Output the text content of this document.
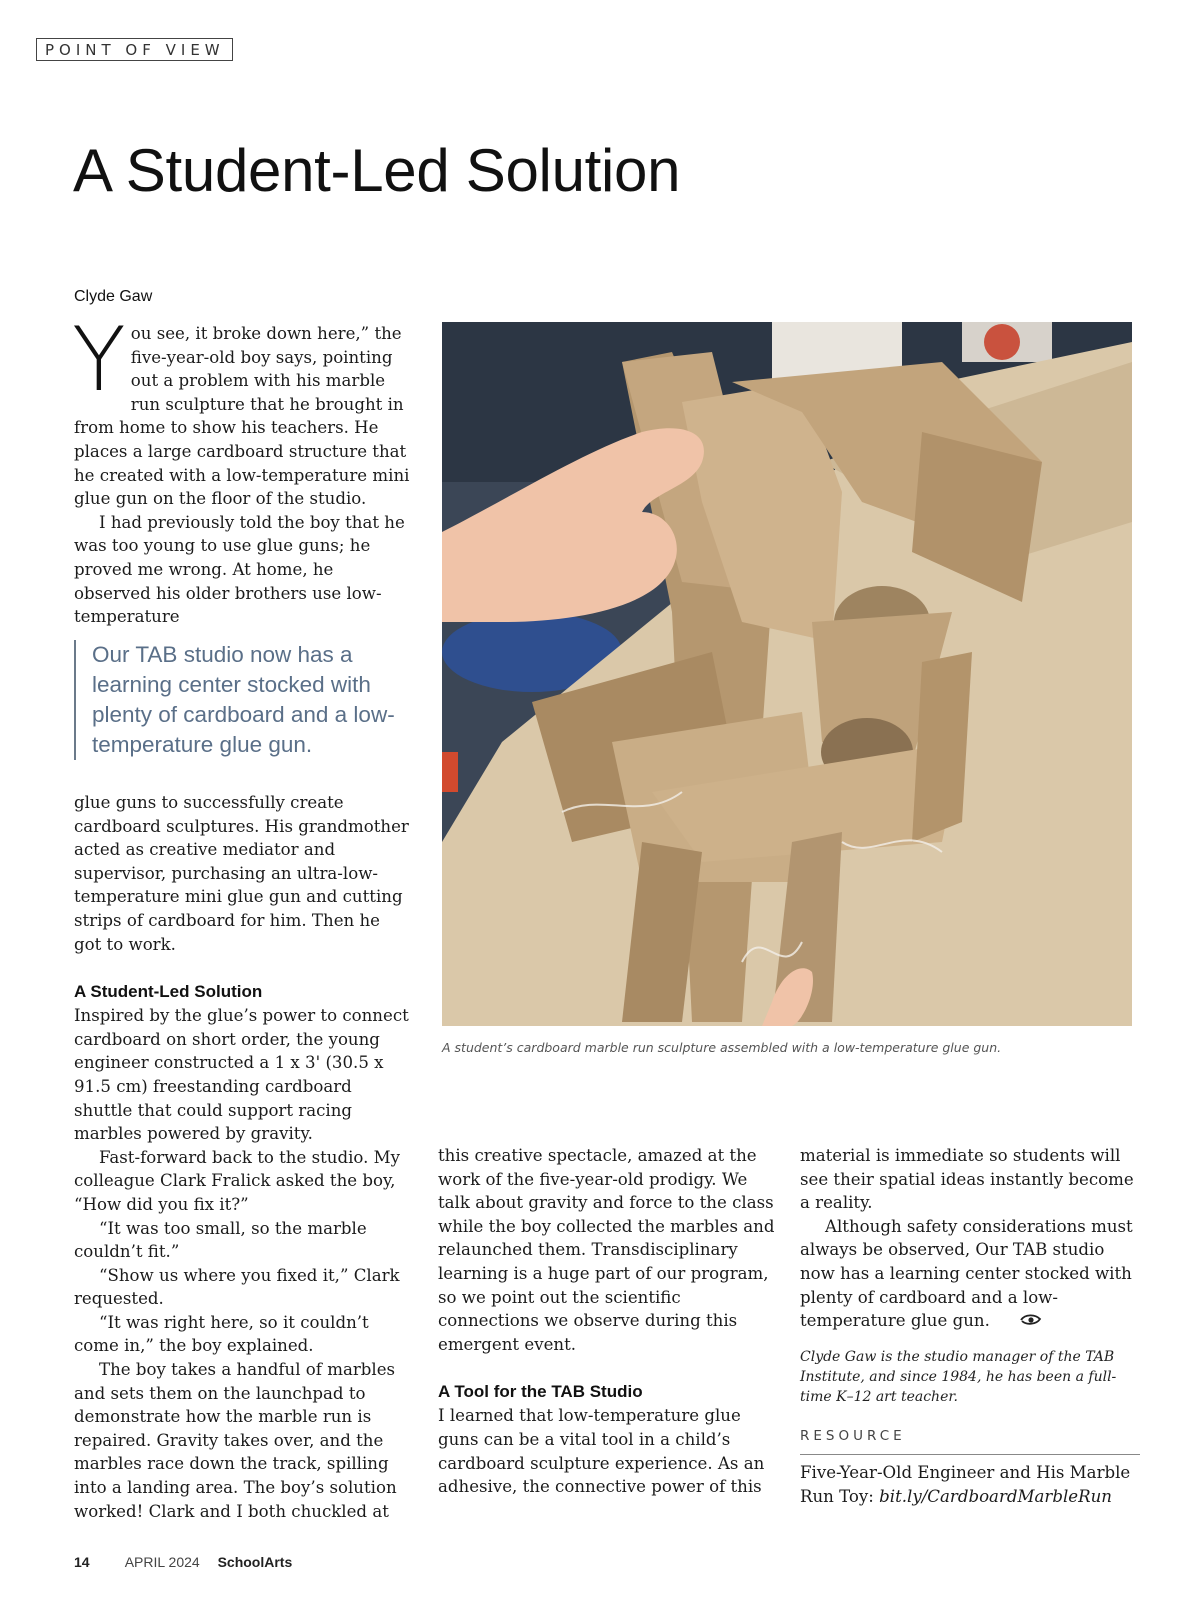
POINT OF VIEW
A Student-Led Solution
Clyde Gaw
Y ou see, it broke down here,” the five-year-old boy says, pointing out a problem with his marble run sculpture that he brought in from home to show his teachers. He places a large cardboard structure that he created with a low-temperature mini glue gun on the floor of the studio.

I had previously told the boy that he was too young to use glue guns; he proved me wrong. At home, he observed his older brothers use low-temperature

Our TAB studio now has a learning center stocked with plenty of cardboard and a low-temperature glue gun.

glue guns to successfully create cardboard sculptures. His grandmother acted as creative mediator and supervisor, purchasing an ultra-low-temperature mini glue gun and cutting strips of cardboard for him. Then he got to work.

A Student-Led Solution

Inspired by the glue’s power to connect cardboard on short order, the young engineer constructed a 1 x 3' (30.5 x 91.5 cm) freestanding cardboard shuttle that could support racing marbles powered by gravity.

Fast-forward back to the studio. My colleague Clark Fralick asked the boy, “How did you fix it?”

“It was too small, so the marble couldn’t fit.”

“Show us where you fixed it,” Clark requested.

“It was right here, so it couldn’t come in,” the boy explained.

The boy takes a handful of marbles and sets them on the launchpad to demonstrate how the marble run is repaired. Gravity takes over, and the marbles race down the track, spilling into a landing area. The boy’s solution worked! Clark and I both chuckled at

A student’s cardboard marble run sculpture assembled with a low-temperature glue gun.

this creative spectacle, amazed at the work of the five-year-old prodigy. We talk about gravity and force to the class while the boy collected the marbles and relaunched them. Transdisciplinary learning is a huge part of our program, so we point out the scientific connections we observe during this emergent event.

A Tool for the TAB Studio

I learned that low-temperature glue guns can be a vital tool in a child’s cardboard sculpture experience. As an adhesive, the connective power of this

material is immediate so students will see their spatial ideas instantly become a reality.

Although safety considerations must always be observed, Our TAB studio now has a learning center stocked with plenty of cardboard and a low-temperature glue gun.

Clyde Gaw is the studio manager of the TAB Institute, and since 1984, he has been a full-time K–12 art teacher.
RESOURCE
Five-Year-Old Engineer and His Marble Run Toy: bit.ly/CardboardMarbleRun
14	APRIL 2024 SchoolArts
